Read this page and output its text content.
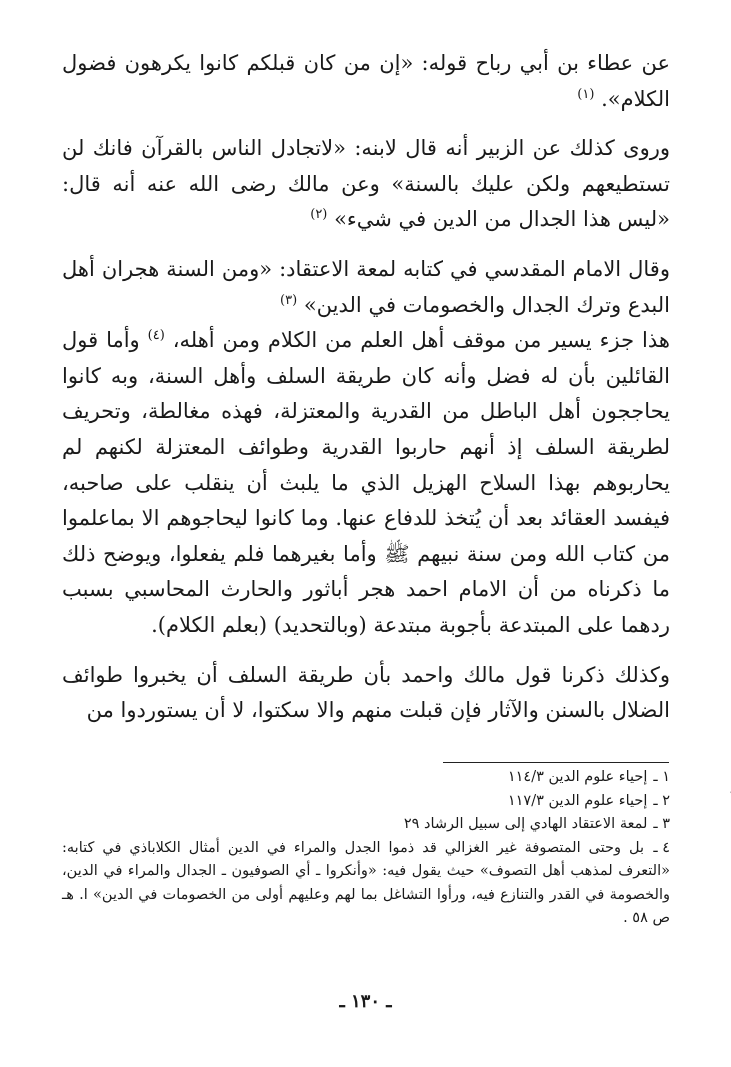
عن عطاء بن أبي رباح قوله: «إن من كان قبلكم كانوا يكرهون فضول الكلام». $^{(١)}$

وروى كذلك عن الزبير أنه قال لابنه: «لاتجادل الناس بالقرآن فانك لن تستطيعهم ولكن عليك بالسنة» وعن مالك رضى الله عنه أنه قال: «ليس هذا الجدال من الدين في شيء» $^{(٢)}$

وقال الامام المقدسي في كتابه لمعة الاعتقاد: «ومن السنة هجران أهل البدع وترك الجدال والخصومات في الدين» $^{(٣)}$

هذا جزء يسير من موقف أهل العلم من الكلام ومن أهله، $^{(٤)}$ وأما قول القائلين بأن له فضل وأنه كان طريقة السلف وأهل السنة، وبه كانوا يحاججون أهل الباطل من القدرية والمعتزلة، فهذه مغالطة، وتحريف لطريقة السلف إذ أنهم حاربوا القدرية وطوائف المعتزلة لكنهم لم يحاربوهم بهذا السلاح الهزيل الذي ما يلبث أن ينقلب على صاحبه، فيفسد العقائد بعد أن يُتخذ للدفاع عنها. وما كانوا ليحاجوهم الا بماعلموا من كتاب الله ومن سنة نبيهم ﷺ وأما بغيرهما فلم يفعلوا، ويوضح ذلك ما ذكرناه من أن الامام احمد هجر أباثور والحارث المحاسبي بسبب ردهما على المبتدعة بأجوبة مبتدعة (وبالتحديد) (بعلم الكلام).

وكذلك ذكرنا قول مالك واحمد بأن طريقة السلف أن يخبروا طوائف الضلال بالسنن والآثار فإن قبلت منهم والا سكتوا، لا أن يستوردوا من

١ ـ إحياء علوم الدين ١١٤/٣

٢ ـ إحياء علوم الدين ١١٧/٣

٣ ـ لمعة الاعتقاد الهادي إلى سبيل الرشاد ٢٩

٤ ـ بل وحتى المتصوفة غير الغزالي قد ذموا الجدل والمراء في الدين أمثال الكلاباذي في كتابه: «التعرف لمذهب أهل التصوف» حيث يقول فيه: «وأنكروا ـ أي الصوفيون ـ الجدال والمراء في الدين، والخصومة في القدر والتنازع فيه، ورأوا التشاغل بما لهم وعليهم أولى من الخصومات في الدين» ا. هـ ص ٥٨ .

ـ ١٣٠ ـ
